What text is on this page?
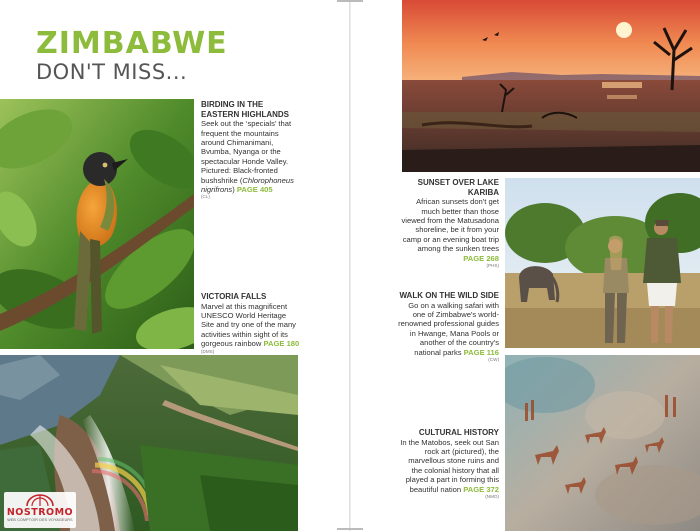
ZIMBABWE
DON'T MISS...
BIRDING IN THE EASTERN HIGHLANDS
Seek out the ‘specials’ that frequent the mountains around Chimanimani, Bvumba, Nyanga or the spectacular Honde Valley. Pictured: Black-fronted bushshrike (Chlorophoneus nigrifrons) PAGE 405
(CL)
VICTORIA FALLS
Marvel at this magnificent UNESCO World Heritage Site and try one of the many activities within sight of its gorgeous rainbow PAGE 180
(DMS)
SUNSET OVER LAKE KARIBA
African sunsets don't get much better than those viewed from the Matusadona shoreline, be it from your camp or an evening boat trip among the sunken trees PAGE 268
(PHS)
WALK ON THE WILD SIDE
Go on a walking safari with one of Zimbabwe's world-renowned professional guides in Hwange, Mana Pools or another of the country's national parks PAGE 116
(CW)
CULTURAL HISTORY
In the Matobos, seek out San rock art (pictured), the marvellous stone ruins and the colonial history that all played a part in forming this beautiful nation PAGE 372
(NMO)
NOSTROMO
WEB COMPTOIR DES VOYAGEURS
